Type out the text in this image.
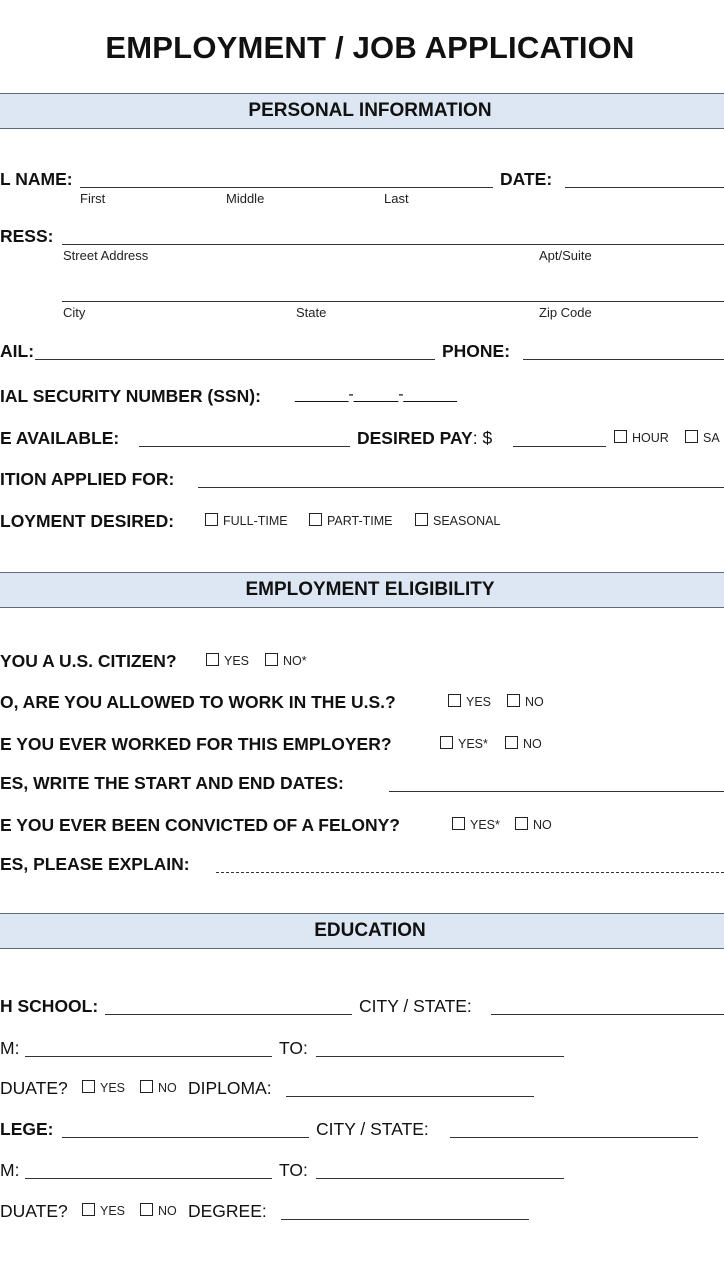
EMPLOYMENT / JOB APPLICATION
PERSONAL INFORMATION
L NAME:
First	Middle	Last
DATE:
RESS:
Street Address	Apt/Suite
City	State	Zip Code
AIL:	PHONE:
IAL SECURITY NUMBER (SSN): ______-_____-______
E AVAILABLE:	DESIRED PAY: $	HOUR	SA
ITION APPLIED FOR:
LOYMENT DESIRED:	FULL-TIME	PART-TIME	SEASONAL
EMPLOYMENT ELIGIBILITY
YOU A U.S. CITIZEN?	YES	NO*
O, ARE YOU ALLOWED TO WORK IN THE U.S.?	YES	NO
E YOU EVER WORKED FOR THIS EMPLOYER?	YES*	NO
ES, WRITE THE START AND END DATES:
E YOU EVER BEEN CONVICTED OF A FELONY?	YES*	NO
ES, PLEASE EXPLAIN:
EDUCATION
H SCHOOL:	CITY / STATE:
M:	TO:
DUATE?	YES	NO DIPLOMA:
LEGE:	CITY / STATE:
M:	TO:
DUATE?	YES	NO DEGREE:
